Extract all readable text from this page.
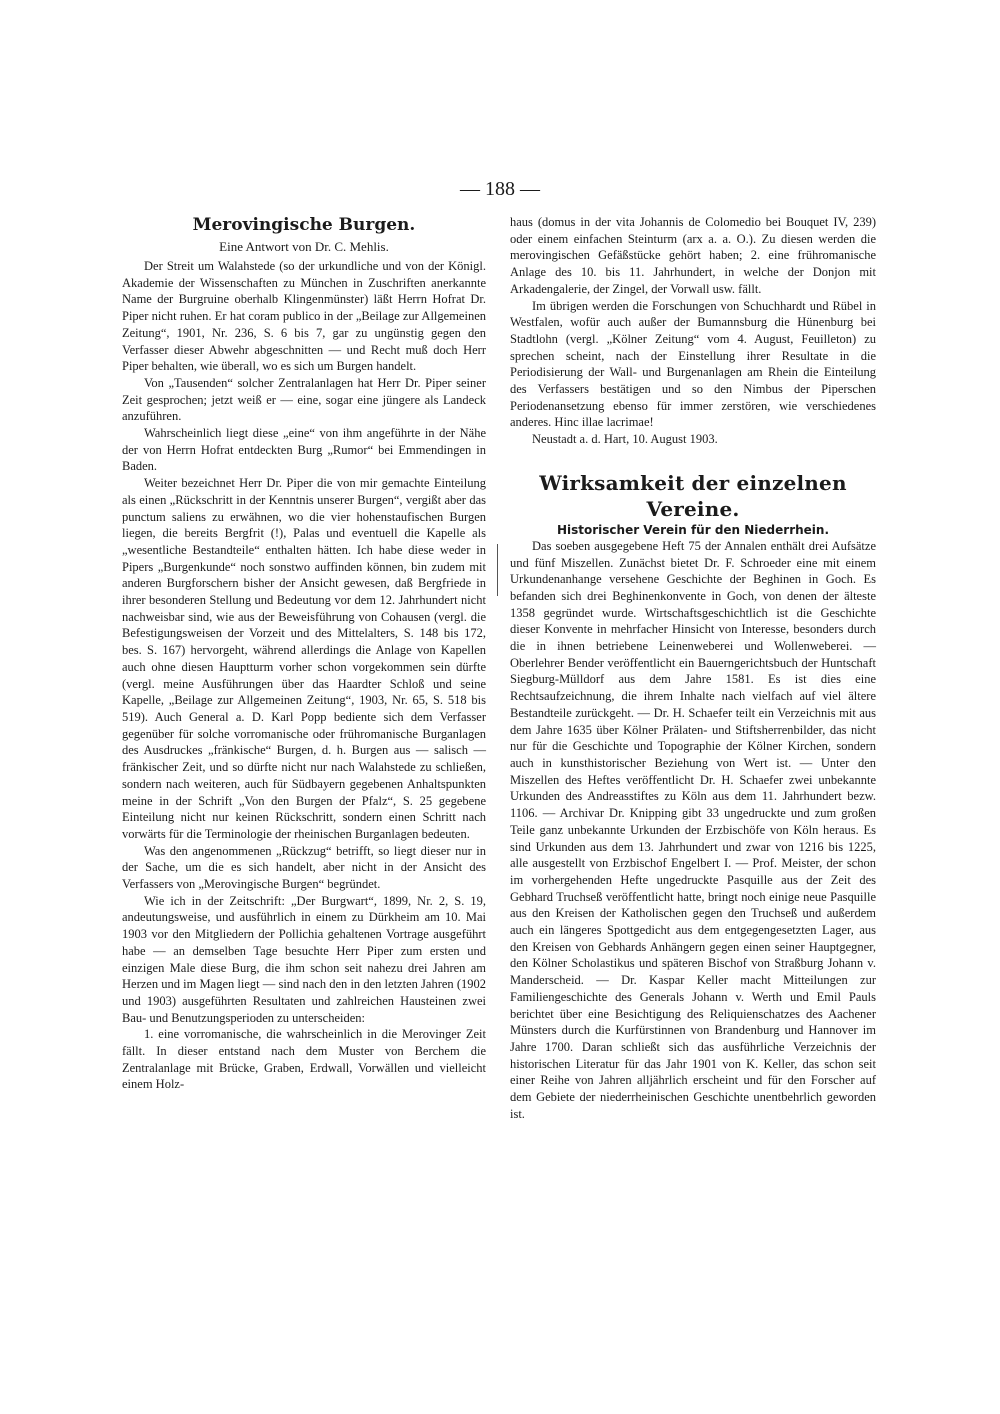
— 188 —
Merovingische Burgen.
Eine Antwort von Dr. C. Mehlis.

Der Streit um Walahstede (so der urkundliche und von der Königl. Akademie der Wissenschaften zu München in Zuschriften anerkannte Name der Burgruine oberhalb Klingenmünster) läßt Herrn Hofrat Dr. Piper nicht ruhen. Er hat coram publico in der „Beilage zur Allgemeinen Zeitung“, 1901, Nr. 236, S. 6 bis 7, gar zu ungünstig gegen den Verfasser dieser Abwehr abgeschnitten — und Recht muß doch Herr Piper behalten, wie überall, wo es sich um Burgen handelt.

Von „Tausenden“ solcher Zentralanlagen hat Herr Dr. Piper seiner Zeit gesprochen; jetzt weiß er — eine, sogar eine jüngere als Landeck anzuführen.

Wahrscheinlich liegt diese „eine“ von ihm angeführte in der Nähe der von Herrn Hofrat entdeckten Burg „Rumor“ bei Emmendingen in Baden.

Weiter bezeichnet Herr Dr. Piper die von mir gemachte Einteilung als einen „Rückschritt in der Kenntnis unserer Burgen“, vergißt aber das punctum saliens zu erwähnen, wo die vier hohenstaufischen Burgen liegen, die bereits Bergfrit (!), Palas und eventuell die Kapelle als „wesentliche Bestandteile“ enthalten hätten. Ich habe diese weder in Pipers „Burgenkunde“ noch sonstwo auffinden können, bin zudem mit anderen Burgforschern bisher der Ansicht gewesen, daß Bergfriede in ihrer besonderen Stellung und Bedeutung vor dem 12. Jahrhundert nicht nachweisbar sind, wie aus der Beweisführung von Cohausen (vergl. die Befestigungsweisen der Vorzeit und des Mittelalters, S. 148 bis 172, bes. S. 167) hervorgeht, während allerdings die Anlage von Kapellen auch ohne diesen Hauptturm vorher schon vorgekommen sein dürfte (vergl. meine Ausführungen über das Haardter Schloß und seine Kapelle, „Beilage zur Allgemeinen Zeitung“, 1903, Nr. 65, S. 518 bis 519). Auch General a. D. Karl Popp bediente sich dem Verfasser gegenüber für solche vorromanische oder frühromanische Burganlagen des Ausdruckes „fränkische“ Burgen, d. h. Burgen aus — salisch — fränkischer Zeit, und so dürfte nicht nur nach Walahstede zu schließen, sondern nach weiteren, auch für Südbayern gegebenen Anhaltspunkten meine in der Schrift „Von den Burgen der Pfalz“, S. 25 gegebene Einteilung nicht nur keinen Rückschritt, sondern einen Schritt nach vorwärts für die Terminologie der rheinischen Burganlagen bedeuten.

Was den angenommenen „Rückzug“ betrifft, so liegt dieser nur in der Sache, um die es sich handelt, aber nicht in der Ansicht des Verfassers von „Merovingische Burgen“ begründet.

Wie ich in der Zeitschrift: „Der Burgwart“, 1899, Nr. 2, S. 19, andeutungsweise, und ausführlich in einem zu Dürkheim am 10. Mai 1903 vor den Mitgliedern der Pollichia gehaltenen Vortrage ausgeführt habe — an demselben Tage besuchte Herr Piper zum ersten und einzigen Male diese Burg, die ihm schon seit nahezu drei Jahren am Herzen und im Magen liegt — sind nach den in den letzten Jahren (1902 und 1903) ausgeführten Resultaten und zahlreichen Hausteinen zwei Bau- und Benutzungsperioden zu unterscheiden:

1. eine vorromanische, die wahrscheinlich in die Merovinger Zeit fällt. In dieser entstand nach dem Muster von Berchem die Zentralanlage mit Brücke, Graben, Erdwall, Vorwällen und vielleicht einem Holz-

haus (domus in der vita Johannis de Colomedio bei Bouquet IV, 239) oder einem einfachen Steinturm (arx a. a. O.). Zu diesen werden die merovingischen Gefäßstücke gehört haben; 2. eine frühromanische Anlage des 10. bis 11. Jahrhundert, in welche der Donjon mit Arkadengalerie, der Zingel, der Vorwall usw. fällt.

Im übrigen werden die Forschungen von Schuchhardt und Rübel in Westfalen, wofür auch außer der Bumannsburg die Hünenburg bei Stadtlohn (vergl. „Kölner Zeitung“ vom 4. August, Feuilleton) zu sprechen scheint, nach der Einstellung ihrer Resultate in die Periodisierung der Wall- und Burgenanlagen am Rhein die Einteilung des Verfassers bestätigen und so den Nimbus der Piperschen Periodenansetzung ebenso für immer zerstören, wie verschiedenes anderes. Hinc illae lacrimae!

Neustadt a. d. Hart, 10. August 1903.

Wirksamkeit der einzelnen Vereine.
Historischer Verein für den Niederrhein.

Das soeben ausgegebene Heft 75 der Annalen enthält drei Aufsätze und fünf Miszellen. Zunächst bietet Dr. F. Schroeder eine mit einem Urkundenanhange versehene Geschichte der Beghinen in Goch. Es befanden sich drei Beghinenkonvente in Goch, von denen der älteste 1358 gegründet wurde. Wirtschaftsgeschichtlich ist die Geschichte dieser Konvente in mehrfacher Hinsicht von Interesse, besonders durch die in ihnen betriebene Leinenweberei und Wollenweberei. — Oberlehrer Bender veröffentlicht ein Bauerngerichtsbuch der Huntschaft Siegburg-Mülldorf aus dem Jahre 1581. Es ist dies eine Rechtsaufzeichnung, die ihrem Inhalte nach vielfach auf viel ältere Bestandteile zurückgeht. — Dr. H. Schaefer teilt ein Verzeichnis mit aus dem Jahre 1635 über Kölner Prälaten- und Stiftsherrenbilder, das nicht nur für die Geschichte und Topographie der Kölner Kirchen, sondern auch in kunsthistorischer Beziehung von Wert ist. — Unter den Miszellen des Heftes veröffentlicht Dr. H. Schaefer zwei unbekannte Urkunden des Andreasstiftes zu Köln aus dem 11. Jahrhundert bezw. 1106. — Archivar Dr. Knipping gibt 33 ungedruckte und zum großen Teile ganz unbekannte Urkunden der Erzbischöfe von Köln heraus. Es sind Urkunden aus dem 13. Jahrhundert und zwar von 1216 bis 1225, alle ausgestellt von Erzbischof Engelbert I. — Prof. Meister, der schon im vorhergehenden Hefte ungedruckte Pasquille aus der Zeit des Gebhard Truchseß veröffentlicht hatte, bringt noch einige neue Pasquille aus den Kreisen der Katholischen gegen den Truchseß und außerdem auch ein längeres Spottgedicht aus dem entgegengesetzten Lager, aus den Kreisen von Gebhards Anhängern gegen einen seiner Hauptgegner, den Kölner Scholastikus und späteren Bischof von Straßburg Johann v. Manderscheid. — Dr. Kaspar Keller macht Mitteilungen zur Familiengeschichte des Generals Johann v. Werth und Emil Pauls berichtet über eine Besichtigung des Reliquienschatzes des Aachener Münsters durch die Kurfürstinnen von Brandenburg und Hannover im Jahre 1700. Daran schließt sich das ausführliche Verzeichnis der historischen Literatur für das Jahr 1901 von K. Keller, das schon seit einer Reihe von Jahren alljährlich erscheint und für den Forscher auf dem Gebiete der niederrheinischen Geschichte unentbehrlich geworden ist.
